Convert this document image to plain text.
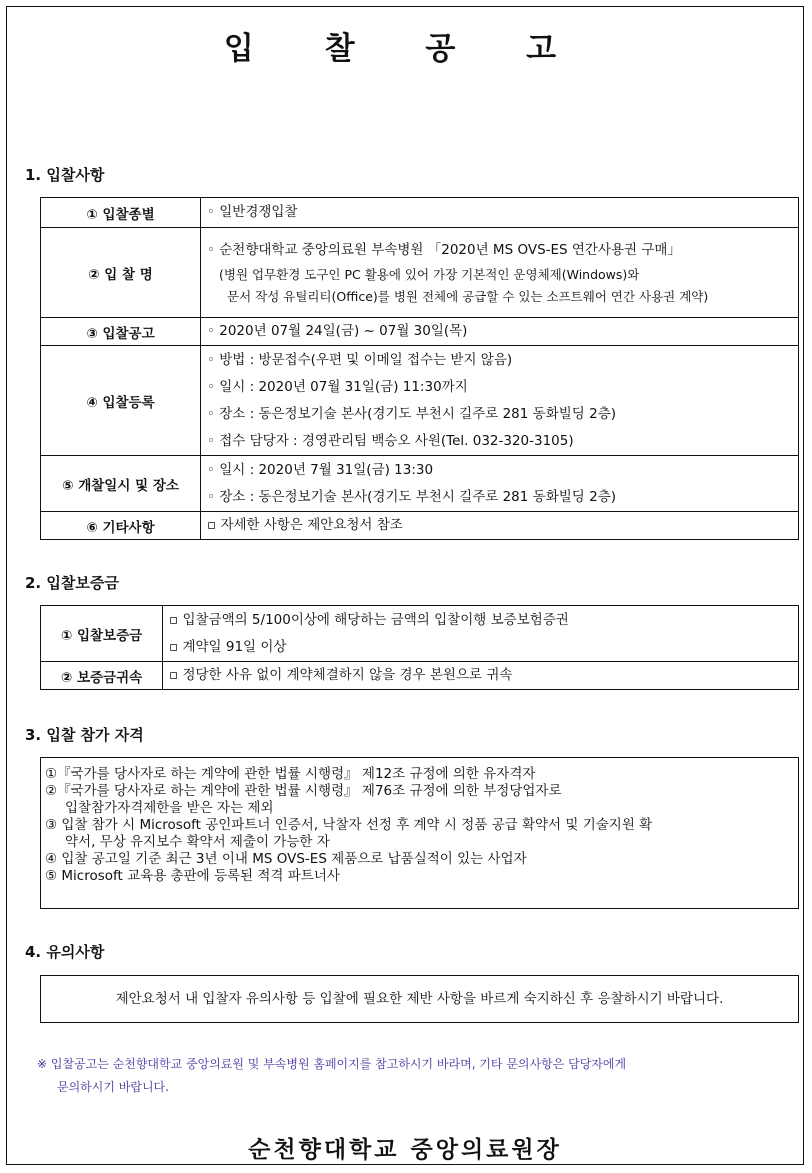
입 찰 공 고
1. 입찰사항
① 입찰종별	◦ 일반경쟁입찰

② 입 찰 명	◦ 순천향대학교 중앙의료원 부속병원 「2020년 MS OVS-ES 연간사용권 구매」
(병원 업무환경 도구인 PC 활용에 있어 가장 기본적인 운영체제(Windows)와
문서 작성 유틸리티(Office)를 병원 전체에 공급할 수 있는 소프트웨어 연간 사용권 계약)

③ 입찰공고	◦ 2020년 07월 24일(금) ~ 07월 30일(목)

④ 입찰등록	◦ 방법 : 방문접수(우편 및 이메일 접수는 받지 않음)
◦ 일시 : 2020년 07월 31일(금) 11:30까지
◦ 장소 : 동은정보기술 본사(경기도 부천시 길주로 281 동화빌딩 2층)
◦ 접수 담당자 : 경영관리팀 백승오 사원(Tel. 032-320-3105)

⑤ 개찰일시 및 장소	◦ 일시 : 2020년 7월 31일(금) 13:30
◦ 장소 : 동은정보기술 본사(경기도 부천시 길주로 281 동화빌딩 2층)

⑥ 기타사항	▫ 자세한 사항은 제안요청서 참조
2. 입찰보증금
① 입찰보증금	▫ 입찰금액의 5/100이상에 해당하는 금액의 입찰이행 보증보험증권
▫ 계약일 91일 이상

② 보증금귀속	▫ 정당한 사유 없이 계약체결하지 않을 경우 본원으로 귀속
3. 입찰 참가 자격
①『국가를 당사자로 하는 계약에 관한 법률 시행령』 제12조 규정에 의한 유자격자
②『국가를 당사자로 하는 계약에 관한 법률 시행령』 제76조 규정에 의한 부정당업자로
입찰참가자격제한을 받은 자는 제외
③ 입찰 참가 시 Microsoft 공인파트너 인증서, 낙찰자 선정 후 계약 시 정품 공급 확약서 및 기술지원 확
약서, 무상 유지보수 확약서 제출이 가능한 자
④ 입찰 공고일 기준 최근 3년 이내 MS OVS-ES 제품으로 납품실적이 있는 사업자
⑤ Microsoft 교육용 총판에 등록된 적격 파트너사
4. 유의사항
제안요청서 내 입찰자 유의사항 등 입찰에 필요한 제반 사항을 바르게 숙지하신 후 응찰하시기 바랍니다.
※ 입찰공고는 순천향대학교 중앙의료원 및 부속병원 홈페이지를 참고하시기 바라며, 기타 문의사항은 담당자에게
문의하시기 바랍니다.
순천향대학교 중앙의료원장
